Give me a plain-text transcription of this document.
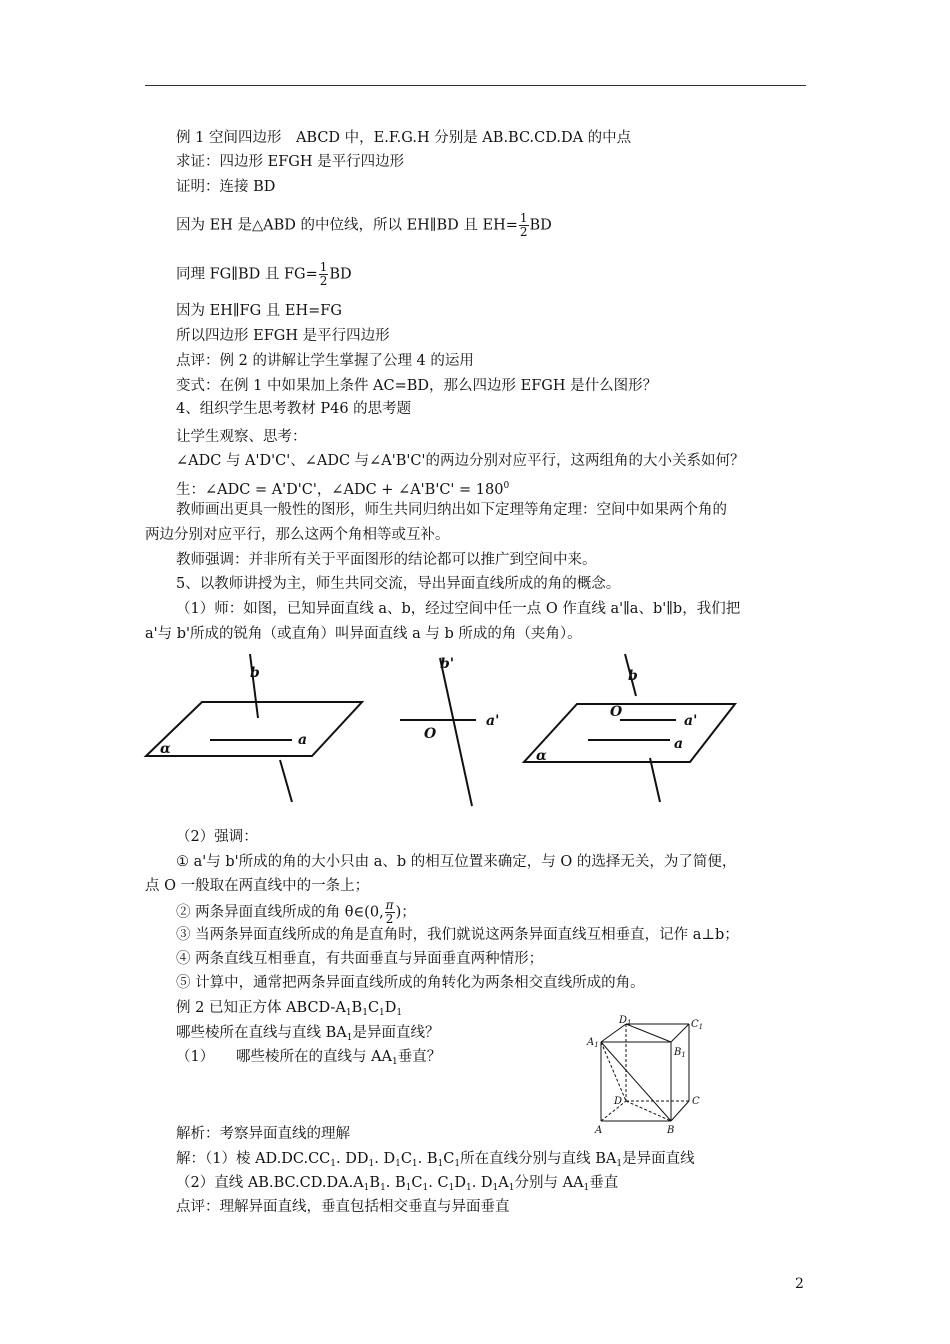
例 1 空间四边形　ABCD 中，E.F.G.H 分别是 AB.BC.CD.DA 的中点
求证：四边形 EFGH 是平行四边形
证明：连接 BD
因为 EH 是△ABD 的中位线，所以 EH∥BD 且 $EH= \frac{1}{2}$ BD
同理 FG∥BD 且 $FG= \frac{1}{2}$ BD
因为 EH∥FG 且 EH=FG
所以四边形 EFGH 是平行四边形
点评：例 2 的讲解让学生掌握了公理 4 的运用
变式：在例 1 中如果加上条件 AC=BD，那么四边形 EFGH 是什么图形？
4、组织学生思考教材 P46 的思考题
让学生观察、思考：
∠ADC 与 A'D'C'、∠ADC 与∠A'B'C'的两边分别对应平行，这两组角的大小关系如何？
生：∠ADC = A'D'C'，∠ADC + ∠A'B'C' = $180^0$
教师画出更具一般性的图形，师生共同归纳出如下定理等角定理：空间中如果两个角的
两边分别对应平行，那么这两个角相等或互补。
教师强调：并非所有关于平面图形的结论都可以推广到空间中来。
5、以教师讲授为主，师生共同交流，导出异面直线所成的角的概念。
（1）师：如图，已知异面直线 a、b，经过空间中任一点 O 作直线 a'∥a、b'∥b，我们把
a'与 b'所成的锐角（或直角）叫异面直线 a 与 b 所成的角（夹角）。
b
a
α
b'
a'
O
b
O
a'
a
α
（2）强调：
① a'与 b'所成的角的大小只由 a、b 的相互位置来确定，与 O 的选择无关，为了简便，
点 O 一般取在两直线中的一条上；
② 两条异面直线所成的角 θ∈(0, $\frac{\pi}{2}$ )；
③ 当两条异面直线所成的角是直角时，我们就说这两条异面直线互相垂直，记作 a⊥b；
④ 两条直线互相垂直，有共面垂直与异面垂直两种情形；
⑤ 计算中，通常把两条异面直线所成的角转化为两条相交直线所成的角。
例 2 已知正方体 ABCD-$A_1B_1C_1D_1$
哪些棱所在直线与直线 $BA_1$是异面直线？
（1）　　哪些棱所在的直线与 $AA_1$垂直？
$A_1$
$D_1$	$C_1$
$B_1$
D	C
A	B
解析：考察异面直线的理解
解：（1）棱 $AD.DC.CC_1$. $DD_1$. $D_1C_1$. $B_1C_1$所在直线分别与直线 $BA_1$是异面直线
（2）直线 $AB.BC.CD.DA.A_1B_1$. $B_1C_1$. $C_1D_1$. $D_1A_1$分别与 $AA_1$垂直
点评：理解异面直线，垂直包括相交垂直与异面垂直
2
